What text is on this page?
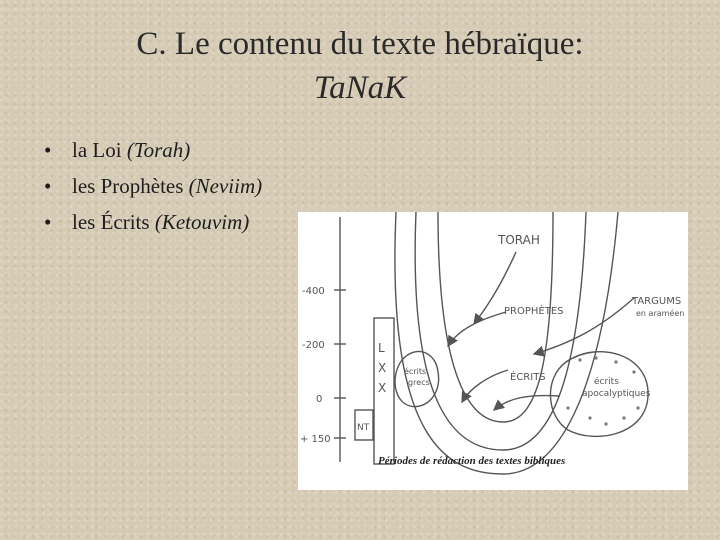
C. Le contenu du texte hébraïque:
TaNaK
• la Loi (Torah)
• les Prophètes (Neviim)
• les Écrits (Ketouvim)
-400
-200
0
+ 150
TORAH
PROPHÈTES
ÉCRITS
TARGUMS
en araméen
L
X
X
écrits
grecs	écrits
apocalyptiques
NT
Périodes de rédaction des textes bibliques
